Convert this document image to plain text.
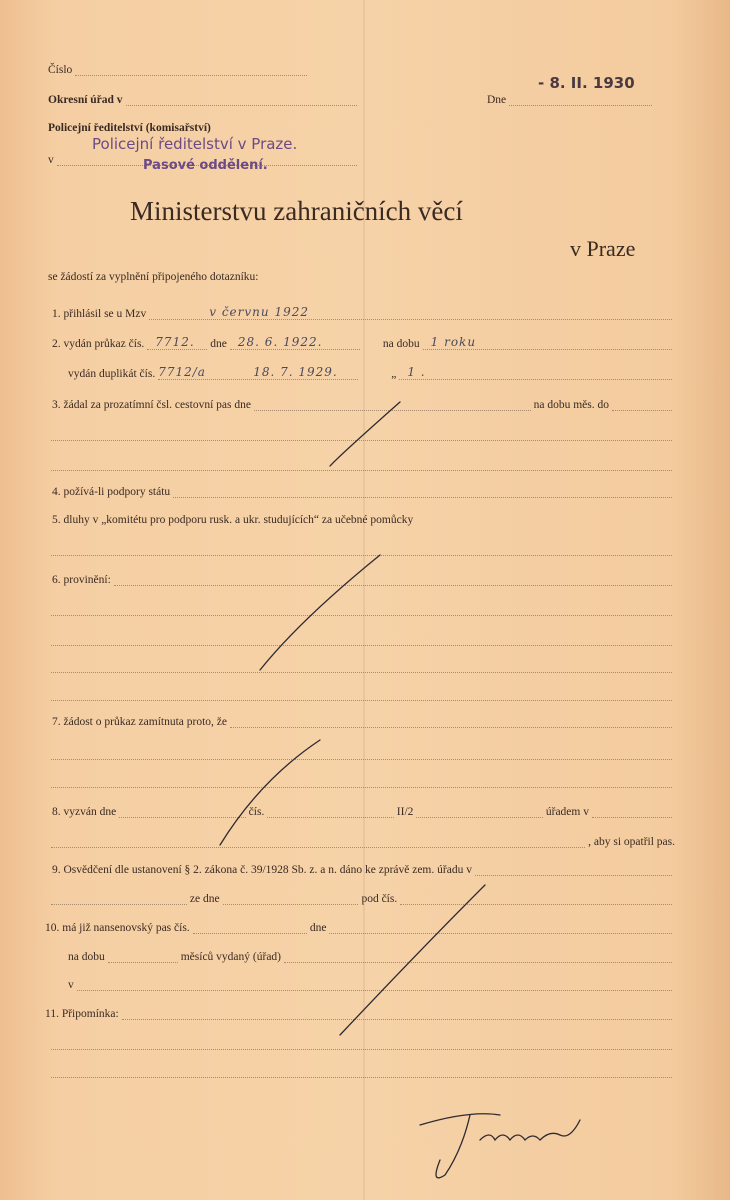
Číslo
Okresní úřad v	Dne
- 8. II. 1930
Policejní ředitelství (komisařství)
v
Policejní ředitelství v Praze.
Pasové oddělení.
Ministerstvu zahraničních věcí
v Praze
se žádostí za vyplnění připojeného dotazníku:
1. přihlásil se u Mzv	v červnu 1922
2. vydán průkaz čís. 7712. dne 28. 6. 1922.	na dobu 1 roku
vydán duplikát čís. 7712/a	18. 7. 1929.	„ 1 .
3. žádal za prozatímní čsl. cestovní pas dne	na dobu měs. do
4. požívá-li podpory státu
5. dluhy v „komitétu pro podporu rusk. a ukr. studujících“ za učebné pomůcky
6. provinění:
7. žádost o průkaz zamítnuta proto, že
8. vyzván dne	čís.	II/2	úřadem v
, aby si opatřil pas.
9. Osvědčení dle ustanovení § 2. zákona č. 39/1928 Sb. z. a n. dáno ke zprávě zem. úřadu v
ze dne	pod čís.
10. má již nansenovský pas čís.	dne
na dobu	měsíců vydaný (úřad)
v
11. Připomínka:
